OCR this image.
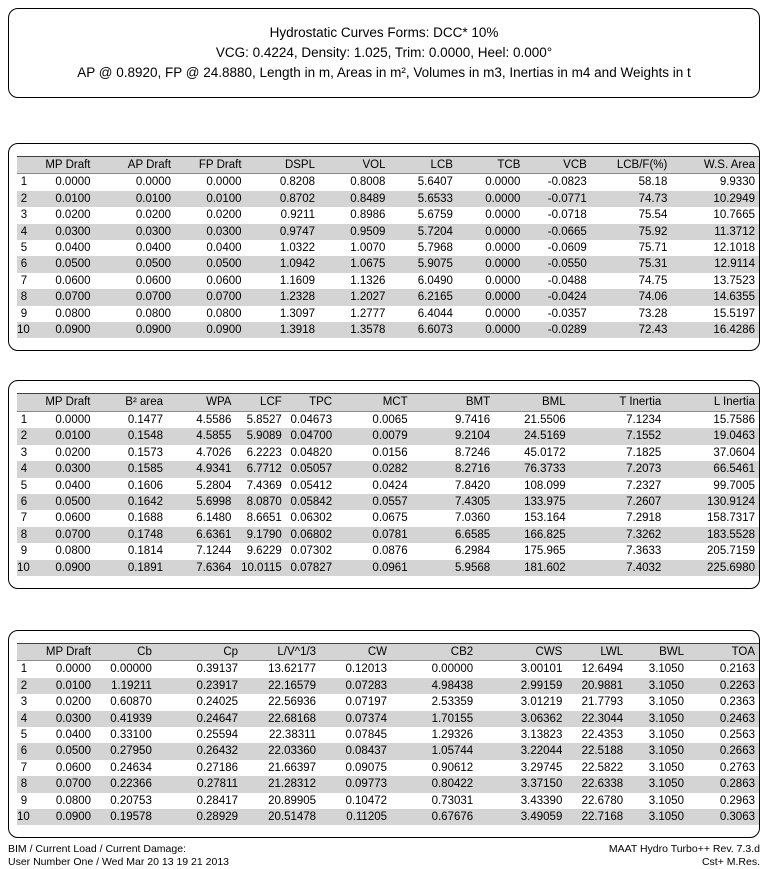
Hydrostatic Curves Forms: DCC* 10%
VCG: 0.4224, Density: 1.025, Trim: 0.0000, Heel: 0.000°
AP @ 0.8920, FP @ 24.8880, Length in m, Areas in m², Volumes in m3, Inertias in m4 and Weights in t
	MP Draft	AP Draft	FP Draft	DSPL	VOL	LCB	TCB	VCB	LCB/F(%)	W.S. Area
1	0.0000	0.0000	0.0000	0.8208	0.8008	5.6407	0.0000	-0.0823	58.18	9.9330
2	0.0100	0.0100	0.0100	0.8702	0.8489	5.6533	0.0000	-0.0771	74.73	10.2949
3	0.0200	0.0200	0.0200	0.9211	0.8986	5.6759	0.0000	-0.0718	75.54	10.7665
4	0.0300	0.0300	0.0300	0.9747	0.9509	5.7204	0.0000	-0.0665	75.92	11.3712
5	0.0400	0.0400	0.0400	1.0322	1.0070	5.7968	0.0000	-0.0609	75.71	12.1018
6	0.0500	0.0500	0.0500	1.0942	1.0675	5.9075	0.0000	-0.0550	75.31	12.9114
7	0.0600	0.0600	0.0600	1.1609	1.1326	6.0490	0.0000	-0.0488	74.75	13.7523
8	0.0700	0.0700	0.0700	1.2328	1.2027	6.2165	0.0000	-0.0424	74.06	14.6355
9	0.0800	0.0800	0.0800	1.3097	1.2777	6.4044	0.0000	-0.0357	73.28	15.5197
10	0.0900	0.0900	0.0900	1.3918	1.3578	6.6073	0.0000	-0.0289	72.43	16.4286
	MP Draft	B² area	WPA	LCF	TPC	MCT	BMT	BML	T Inertia	L Inertia
1	0.0000	0.1477	4.5586	5.8527	0.04673	0.0065	9.7416	21.5506	7.1234	15.7586
2	0.0100	0.1548	4.5855	5.9089	0.04700	0.0079	9.2104	24.5169	7.1552	19.0463
3	0.0200	0.1573	4.7026	6.2223	0.04820	0.0156	8.7246	45.0172	7.1825	37.0604
4	0.0300	0.1585	4.9341	6.7712	0.05057	0.0282	8.2716	76.3733	7.2073	66.5461
5	0.0400	0.1606	5.2804	7.4369	0.05412	0.0424	7.8420	108.099	7.2327	99.7005
6	0.0500	0.1642	5.6998	8.0870	0.05842	0.0557	7.4305	133.975	7.2607	130.9124
7	0.0600	0.1688	6.1480	8.6651	0.06302	0.0675	7.0360	153.164	7.2918	158.7317
8	0.0700	0.1748	6.6361	9.1790	0.06802	0.0781	6.6585	166.825	7.3262	183.5528
9	0.0800	0.1814	7.1244	9.6229	0.07302	0.0876	6.2984	175.965	7.3633	205.7159
10	0.0900	0.1891	7.6364	10.0115	0.07827	0.0961	5.9568	181.602	7.4032	225.6980
	MP Draft	Cb	Cp	L/V^1/3	CW	CB2	CWS	LWL	BWL	TOA
1	0.0000	0.00000	0.39137	13.62177	0.12013	0.00000	3.00101	12.6494	3.1050	0.2163
2	0.0100	1.19211	0.23917	22.16579	0.07283	4.98438	2.99159	20.9881	3.1050	0.2263
3	0.0200	0.60870	0.24025	22.56936	0.07197	2.53359	3.01219	21.7793	3.1050	0.2363
4	0.0300	0.41939	0.24647	22.68168	0.07374	1.70155	3.06362	22.3044	3.1050	0.2463
5	0.0400	0.33100	0.25594	22.38311	0.07845	1.29326	3.13823	22.4353	3.1050	0.2563
6	0.0500	0.27950	0.26432	22.03360	0.08437	1.05744	3.22044	22.5188	3.1050	0.2663
7	0.0600	0.24634	0.27186	21.66397	0.09075	0.90612	3.29745	22.5822	3.1050	0.2763
8	0.0700	0.22366	0.27811	21.28312	0.09773	0.80422	3.37150	22.6338	3.1050	0.2863
9	0.0800	0.20753	0.28417	20.89905	0.10472	0.73031	3.43390	22.6780	3.1050	0.2963
10	0.0900	0.19578	0.28929	20.51478	0.11205	0.67676	3.49059	22.7168	3.1050	0.3063
BIM / Current Load / Current Damage:
User Number One / Wed Mar 20 13 19 21 2013
MAAT Hydro Turbo++ Rev. 7.3.d
Cst+ M.Res.
